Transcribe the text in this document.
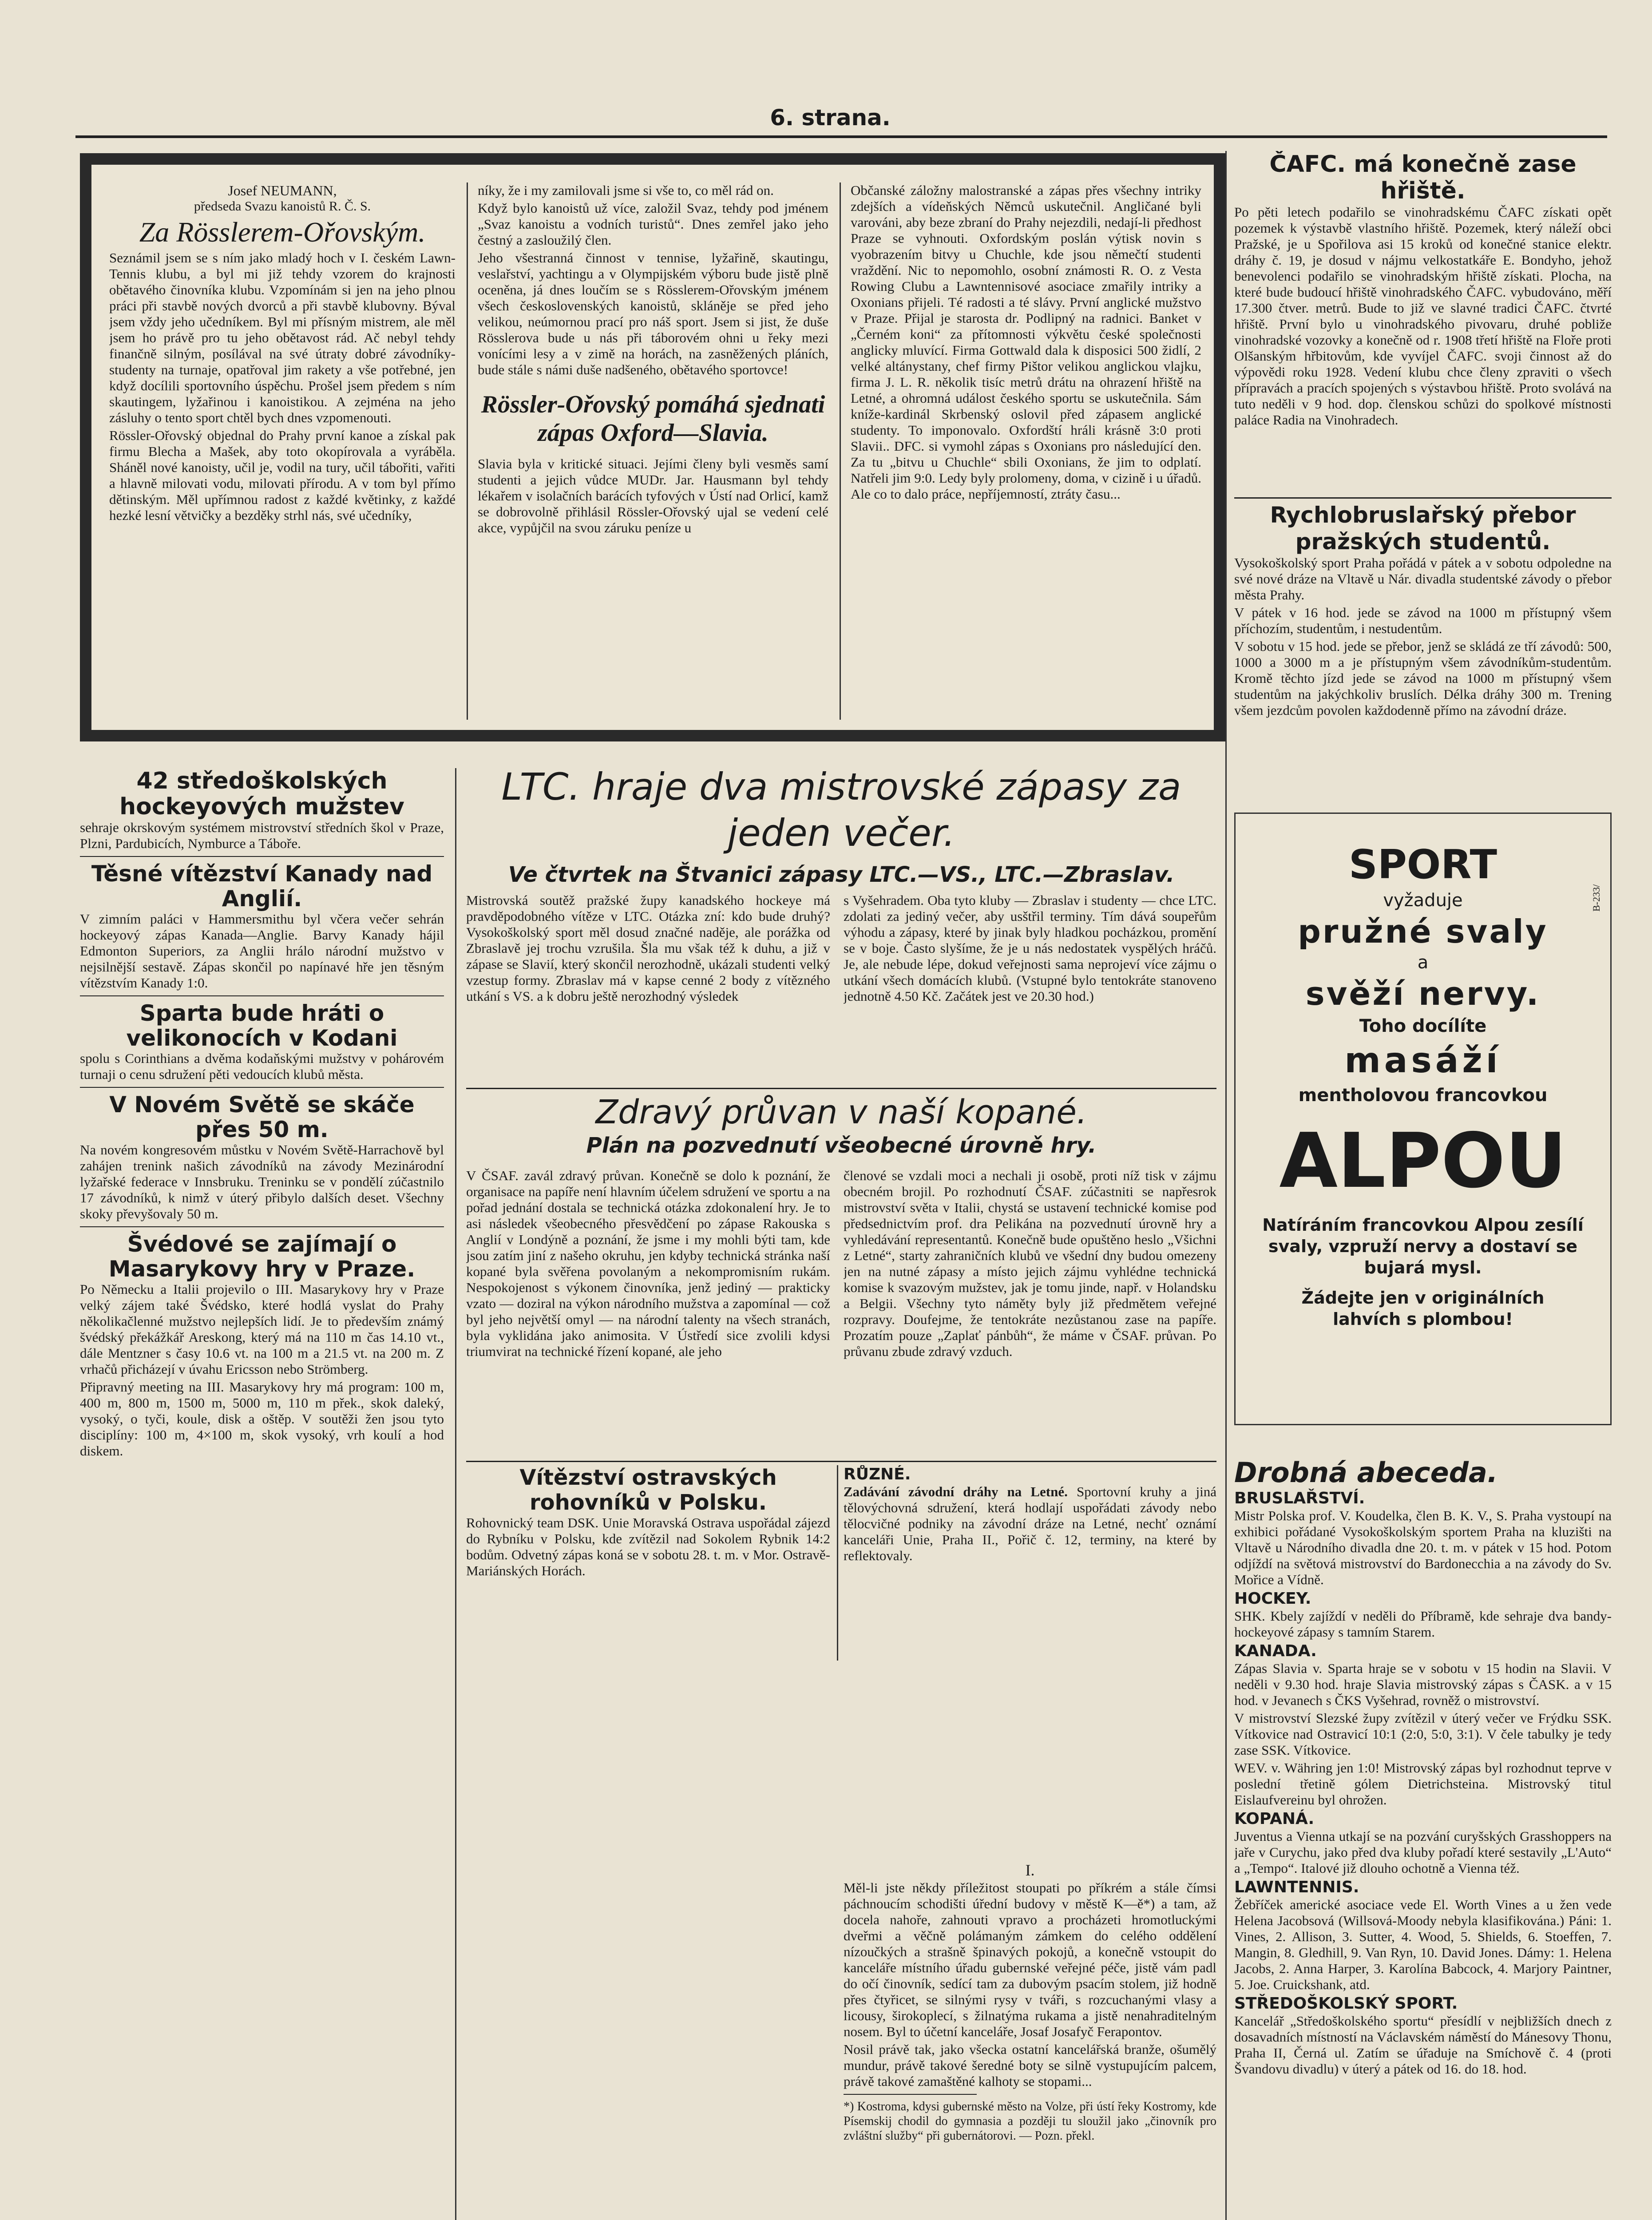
6. strana.
Josef NEUMANN,
předseda Svazu kanoistů R. Č. S.
Za Rösslerem-Ořovským.

Seznámil jsem se s ním jako mladý hoch v I. českém Lawn-Tennis klubu, a byl mi již tehdy vzorem do krajnosti obětavého činovníka klubu. Vzpomínám si jen na jeho plnou práci při stavbě nových dvorců a při stavbě klubovny. Býval jsem vždy jeho učedníkem. Byl mi přísným mistrem, ale měl jsem ho právě pro tu jeho obětavost rád. Ač nebyl tehdy finančně silným, posílával na své útraty dobré závodníky-studenty na turnaje, opatřoval jim rakety a vše potřebné, jen když docílili sportovního úspěchu. Prošel jsem předem s ním skautingem, lyžařinou i kanoistikou. A zejména na jeho zásluhy o tento sport chtěl bych dnes vzpomenouti.

Rössler-Ořovský objednal do Prahy první kanoe a získal pak firmu Blecha a Mašek, aby toto okopírovala a vyráběla. Sháněl nové kanoisty, učil je, vodil na tury, učil tábořiti, vařiti a hlavně milovati vodu, milovati přírodu. A v tom byl přímo dětinským. Měl upřímnou radost z každé květinky, z každé hezké lesní větvičky a bezděky strhl nás, své učedníky,

níky, že i my zamilovali jsme si vše to, co měl rád on.

Když bylo kanoistů už více, založil Svaz, tehdy pod jménem „Svaz kanoistu a vodních turistů“. Dnes zemřel jako jeho čestný a zasloužilý člen.

Jeho všestranná činnost v tennise, lyžařině, skautingu, veslařství, yachtingu a v Olympijském výboru bude jistě plně oceněna, já dnes loučím se s Rösslerem-Ořovským jménem všech československých kanoistů, skláněje se před jeho velikou, neúmornou prací pro náš sport. Jsem si jist, že duše Rösslerova bude u nás při táborovém ohni u řeky mezi vonícími lesy a v zimě na horách, na zasněžených pláních, bude stále s námi duše nadšeného, obětavého sportovce!

Rössler-Ořovský pomáhá sjednati zápas Oxford—Slavia.

Slavia byla v kritické situaci. Jejími členy byli vesměs samí studenti a jejich vůdce MUDr. Jar. Hausmann byl tehdy lékařem v isolačních barácích tyfových v Ústí nad Orlicí, kamž se dobrovolně přihlásil Rössler-Ořovský ujal se vedení celé akce, vypůjčil na svou záruku peníze u

Občanské záložny malostranské a zápas přes všechny intriky zdejších a vídeňských Němců uskutečnil. Angličané byli varováni, aby beze zbraní do Prahy nejezdili, nedají-li předhost Praze se vyhnouti. Oxfordským poslán výtisk novin s vyobrazením bitvy u Chuchle, kde jsou němečtí studenti vraždění. Nic to nepomohlo, osobní známosti R. O. z Vesta Rowing Clubu a Lawntennisové asociace zmařily intriky a Oxonians přijeli. Té radosti a té slávy. První anglické mužstvo v Praze. Přijal je starosta dr. Podlipný na radnici. Banket v „Černém koni“ za přítomnosti výkvětu české společnosti anglicky mluvící. Firma Gottwald dala k disposici 500 židlí, 2 velké altánystany, chef firmy Pištor velikou anglickou vlajku, firma J. L. R. několik tisíc metrů drátu na ohrazení hřiště na Letné, a ohromná událost českého sportu se uskutečnila. Sám kníže-kardinál Skrbenský oslovil před zápasem anglické studenty. To imponovalo. Oxfordští hráli krásně 3:0 proti Slavii.. DFC. si vymohl zápas s Oxonians pro následující den. Za tu „bitvu u Chuchle“ sbili Oxonians, že jim to odplatí. Natřeli jim 9:0. Ledy byly prolomeny, doma, v cizině i u úřadů. Ale co to dalo práce, nepříjemností, ztráty času...

ČAFC. má konečně zase hřiště.

Po pěti letech podařilo se vinohradskému ČAFC získati opět pozemek k výstavbě vlastního hřiště. Pozemek, který náleží obci Pražské, je u Spořilova asi 15 kroků od konečné stanice elektr. dráhy č. 19, je dosud v nájmu velkostatkáře E. Bondyho, jehož benevolenci podařilo se vinohradským hřiště získati. Plocha, na které bude budoucí hřiště vinohradského ČAFC. vybudováno, měří 17.300 čtver. metrů. Bude to již ve slavné tradici ČAFC. čtvrté hřiště. První bylo u vinohradského pivovaru, druhé pobliže vinohradské vozovky a konečně od r. 1908 třetí hřiště na Floře proti Olšanským hřbitovům, kde vyvíjel ČAFC. svoji činnost až do výpovědi roku 1928. Vedení klubu chce členy zpraviti o všech přípravách a pracích spojených s výstavbou hřiště. Proto svolává na tuto neděli v 9 hod. dop. členskou schůzi do spolkové místnosti paláce Radia na Vinohradech.

Rychlobruslařský přebor pražských studentů.

Vysokoškolský sport Praha pořádá v pátek a v sobotu odpoledne na své nové dráze na Vltavě u Nár. divadla studentské závody o přebor města Prahy.

V pátek v 16 hod. jede se závod na 1000 m přístupný všem příchozím, studentům, i nestudentům.

V sobotu v 15 hod. jede se přebor, jenž se skládá ze tří závodů: 500, 1000 a 3000 m a je přístupným všem závodníkům-studentům. Kromě těchto jízd jede se závod na 1000 m přístupný všem studentům na jakýchkoliv bruslích. Délka dráhy 300 m. Trening všem jezdcům povolen každodenně přímo na závodní dráze.

B-233/
SPORT
vyžaduje
pružné svaly
a
svěží nervy.
Toho docílíte
masáží
mentholovou francovkou
ALPOU
Natíráním francovkou Alpou zesílí svaly, vzpruží nervy a dostaví se bujará mysl.
Žádejte jen v originálních lahvích s plombou!
42 středoškolských hockeyových mužstev

sehraje okrskovým systémem mistrovství středních škol v Praze, Plzni, Pardubicích, Nymburce a Táboře.

Těsné vítězství Kanady nad Anglií.

V zimním paláci v Hammersmithu byl včera večer sehrán hockeyový zápas Kanada—Anglie. Barvy Kanady hájil Edmonton Superiors, za Anglii hrálo národní mužstvo v nejsilnější sestavě. Zápas skončil po napínavé hře jen těsným vítězstvím Kanady 1:0.

Sparta bude hráti o velikonocích v Kodani

spolu s Corinthians a dvěma kodaňskými mužstvy v pohárovém turnaji o cenu sdružení pěti vedoucích klubů města.

V Novém Světě se skáče přes 50 m.

Na novém kongresovém můstku v Novém Světě-Harrachově byl zahájen trenink našich závodníků na závody Mezinárodní lyžařské federace v Innsbruku. Treninku se v pondělí zúčastnilo 17 závodníků, k nimž v úterý přibylo dalších deset. Všechny skoky převyšovaly 50 m.

Švédové se zajímají o Masarykovy hry v Praze.

Po Německu a Italii projevilo o III. Masarykovy hry v Praze velký zájem také Švédsko, které hodlá vyslat do Prahy několikačlenné mužstvo nejlepších lidí. Je to především známý švédský překážkář Areskong, který má na 110 m čas 14.10 vt., dále Mentzner s časy 10.6 vt. na 100 m a 21.5 vt. na 200 m. Z vrhačů přicházejí v úvahu Ericsson nebo Strömberg.

Připravný meeting na III. Masarykovy hry má program: 100 m, 400 m, 800 m, 1500 m, 5000 m, 110 m přek., skok daleký, vysoký, o tyči, koule, disk a oštěp. V soutěži žen jsou tyto disciplíny: 100 m, 4×100 m, skok vysoký, vrh koulí a hod diskem.

LTC. hraje dva mistrovské zápasy za jeden večer.
Ve čtvrtek na Štvanici zápasy LTC.—VS., LTC.—Zbraslav.
Mistrovská soutěž pražské župy kanadského hockeye má pravděpodobného vítěze v LTC. Otázka zní: kdo bude druhý? Vysokoškolský sport měl dosud značné naděje, ale porážka od Zbraslavě jej trochu vzrušila. Šla mu však též k duhu, a již v zápase se Slavií, který skončil nerozhodně, ukázali studenti velký vzestup formy. Zbraslav má v kapse cenné 2 body z vítězného utkání s VS. a k dobru ještě nerozhodný výsledek
s Vyšehradem. Oba tyto kluby — Zbraslav i studenty — chce LTC. zdolati za jediný večer, aby usštřil terminy. Tím dává soupeřům výhodu a zápasy, které by jinak byly hladkou pocházkou, promění se v boje. Často slyšíme, že je u nás nedostatek vyspělých hráčů. Je, ale nebude lépe, dokud veřejnosti sama neprojeví více zájmu o utkání všech domácích klubů. (Vstupné bylo tentokráte stanoveno jednotně 4.50 Kč. Začátek jest ve 20.30 hod.)
Zdravý průvan v naší kopané.
Plán na pozvednutí všeobecné úrovně hry.
V ČSAF. zavál zdravý průvan. Konečně se dolo k poznání, že organisace na papíře není hlavním účelem sdružení ve sportu a na pořad jednání dostala se technická otázka zdokonalení hry. Je to asi následek všeobecného přesvědčení po zápase Rakouska s Anglií v Londýně a poznání, že jsme i my mohli býti tam, kde jsou zatím jiní z našeho okruhu, jen kdyby technická stránka naší kopané byla svěřena povolaným a nekompromisním rukám. Nespokojenost s výkonem činovníka, jenž jediný — prakticky vzato — doziral na výkon národního mužstva a zapomínal — což byl jeho největší omyl — na národní talenty na všech stranách, byla vyklidána jako animosita. V Ústředí sice zvolili kdysi triumvirat na technické řízení kopané, ale jeho
členové se vzdali moci a nechali ji osobě, proti níž tisk v zájmu obecném brojil. Po rozhodnutí ČSAF. zúčastniti se napřesrok mistrovství světa v Italii, chystá se ustavení technické komise pod předsednictvím prof. dra Pelikána na pozvednutí úrovně hry a vyhledávání representantů. Konečně bude opuštěno heslo „Všichni z Letné“, starty zahraničních klubů ve všední dny budou omezeny jen na nutné zápasy a místo jejich zájmu vyhlédne technická komise k svazovým mužstev, jak je tomu jinde, např. v Holandsku a Belgii. Všechny tyto náměty byly již předmětem veřejné rozpravy. Doufejme, že tentokráte nezůstanou zase na papíře. Prozatím pouze „Zaplať pánbůh“, že máme v ČSAF. průvan. Po průvanu zbude zdravý vzduch.
Vítězství ostravských rohovníků v Polsku.

Rohovnický team DSK. Unie Moravská Ostrava uspořádal zájezd do Rybníku v Polsku, kde zvítězil nad Sokolem Rybnik 14:2 bodům. Odvetný zápas koná se v sobotu 28. t. m. v Mor. Ostravě-Mariánských Horách.

RŮZNÉ.
Zadávání závodní dráhy na Letné. Sportovní kruhy a jiná tělovýchovná sdružení, která hodlají uspořádati závody nebo tělocvičné podniky na závodní dráze na Letné, nechť oznámí kanceláři Unie, Praha II., Pořič č. 12, terminy, na které by reflektovaly.
I.

Měl-li jste někdy příležitost stoupati po příkrém a stále čímsi páchnoucím schodišti úřední budovy v městě K—ě*) a tam, až docela nahoře, zahnouti vpravo a procházeti hromotluckými dveřmi a věčně polámaným zámkem do celého oddělení nízoučkých a strašně špinavých pokojů, a konečně vstoupit do kanceláře místního úřadu gubernské veřejné péče, jistě vám padl do očí činovník, sedící tam za dubovým psacím stolem, již hodně přes čtyřicet, se silnými rysy v tváři, s rozcuchanými vlasy a licousy, širokoplecí, s žilnatýma rukama a jistě nenahraditelným nosem. Byl to účetní kanceláře, Josaf Josafyč Ferapontov.

Nosil právě tak, jako všecka ostatní kancelářská branže, ošumělý mundur, právě takové šeredné boty se silně vystupujícím palcem, právě takové zamaštěné kalhoty se stopami...

*) Kostroma, kdysi gubernské město na Volze, při ústí řeky Kostromy, kde Písemskij chodil do gymnasia a později tu sloužil jako „činovník pro zvláštní služby“ při gubernátorovi. — Pozn. překl.

Drobná abeceda.
BRUSLAŘSTVÍ.

Mistr Polska prof. V. Koudelka, člen B. K. V., S. Praha vystoupí na exhibici pořádané Vysokoškolským sportem Praha na kluzišti na Vltavě u Národního divadla dne 20. t. m. v pátek v 15 hod. Potom odjíždí na světová mistrovství do Bardonecchia a na závody do Sv. Mořice a Vídně.

HOCKEY.

SHK. Kbely zajíždí v neděli do Příbramě, kde sehraje dva bandy-hockeyové zápasy s tamním Starem.

KANADA.

Zápas Slavia v. Sparta hraje se v sobotu v 15 hodin na Slavii. V neděli v 9.30 hod. hraje Slavia mistrovský zápas s ČASK. a v 15 hod. v Jevanech s ČKS Vyšehrad, rovněž o mistrovství.

V mistrovství Slezské župy zvítězil v úterý večer ve Frýdku SSK. Vítkovice nad Ostravicí 10:1 (2:0, 5:0, 3:1). V čele tabulky je tedy zase SSK. Vítkovice.

WEV. v. Währing jen 1:0! Mistrovský zápas byl rozhodnut teprve v poslední třetině gólem Dietrichsteina. Mistrovský titul Eislaufvereinu byl ohrožen.

KOPANÁ.

Juventus a Vienna utkají se na pozvání curyšských Grasshoppers na jaře v Curychu, jako před dva kluby pořadí které sestavily „L'Auto“ a „Tempo“. Italové již dlouho ochotně a Vienna též.

LAWNTENNIS.

Žebříček americké asociace vede El. Worth Vines a u žen vede Helena Jacobsová (Willsová-Moody nebyla klasifikována.) Páni: 1. Vines, 2. Allison, 3. Sutter, 4. Wood, 5. Shields, 6. Stoeffen, 7. Mangin, 8. Gledhill, 9. Van Ryn, 10. David Jones. Dámy: 1. Helena Jacobs, 2. Anna Harper, 3. Karolína Babcock, 4. Marjory Paintner, 5. Joe. Cruickshank, atd.

STŘEDOŠKOLSKÝ SPORT.

Kancelář „Středoškolského sportu“ přesídlí v nejbližších dnech z dosavadních místností na Václavském náměstí do Mánesovy Thonu, Praha II, Černá ul. Zatím se úřaduje na Smíchově č. 4 (proti Švandovu divadlu) v úterý a pátek od 16. do 18. hod.
